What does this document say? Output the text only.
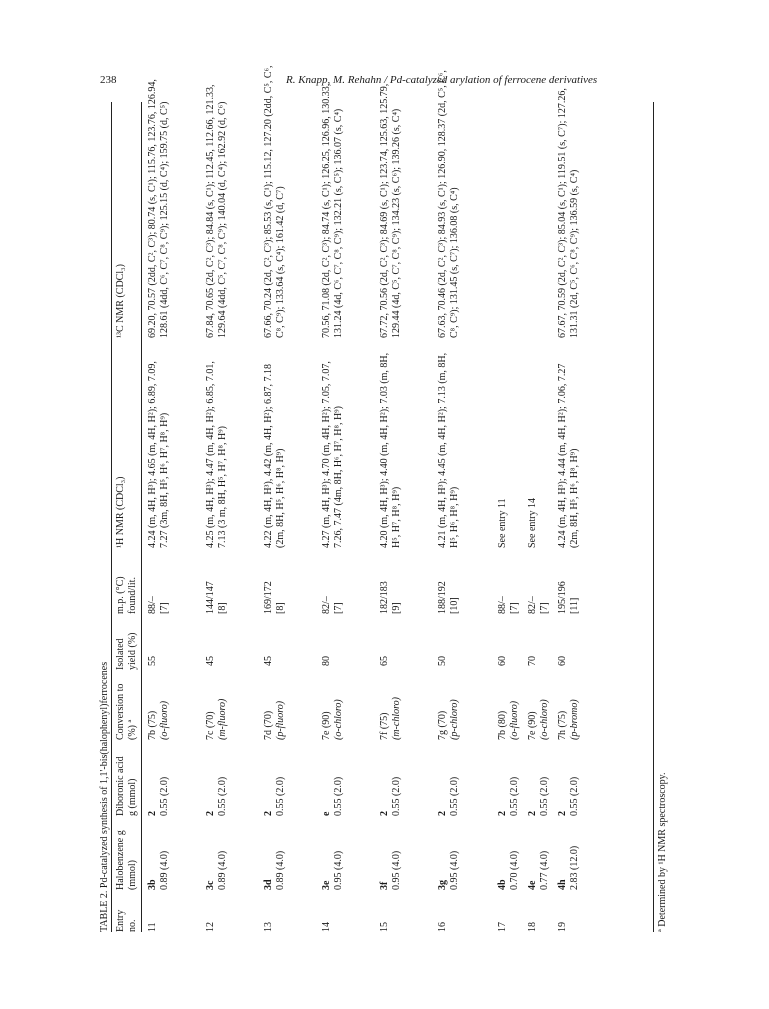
238	R. Knapp, M. Rehahn / Pd-catalyzed arylation of ferrocene derivatives
TABLE 2. Pd-catalyzed synthesis of 1,1'-bis(halophenyl)ferrocenes Entry no.
Halobenzene g (mmol)
Diboronic acid g (mmol)
Conversion to (%) ª
Isolated yield (%)
m.p. (°C) found/lit.
¹H NMR (CDCl₃)
¹³C NMR (CDCl₃)
11
3b
0.89 (4.0)
2
0.55 (2.0)
7b (75)
(o-fluoro)
55
88/–
[7]
4.24 (m, 4H, H³); 4.65 (m, 4H, H²); 6.89, 7.09, 7.27 (3m, 8H, H⁵, H⁶, H⁷, H⁸, H⁹)
69.20, 70.57 (2dd, C², C³); 80.74 (s, C¹); 115.76, 123.76, 126.94, 128.61 (4dd, C⁶, C⁷, C⁸, C⁹); 125.15 (d, C⁴); 159.75 (d, C⁵)
12
3c
0.89 (4.0)
2
0.55 (2.0)
7c (70)
(m-fluoro)
45
144/147
[8]
4.25 (m, 4H, H³); 4.47 (m, 4H, H²); 6.85, 7.01, 7.13 (3 m, 8H, H⁵, H⁷, H⁸, H⁹)
67.84, 70.65 (2d, C², C³); 84.84 (s, C¹); 112.45, 112.66, 121.33, 129.64 (4dd, C⁵, C⁷, C⁸, C⁹); 140.04 (d, C⁴); 162.92 (d, C⁶)
13
3d
0.89 (4.0)
2
0.55 (2.0)
7d (70)
(p-fluoro)
45
169/172
[8]
4.22 (m, 4H, H³), 4.42 (m, 4H, H²); 6.87, 7.18 (2m, 8H, H⁵, H⁶, H⁸, H⁹)
67.66, 70.24 (2d, C², C³); 85.53 (s, C¹); 115.12, 127.20 (2dd, C⁵, C⁶, C⁸, C⁹); 133.64 (s, C⁴); 161.42 (d, C⁷)
14
3e
0.95 (4.0)
e
0.55 (2.0)
7e (90)
(o-chloro)
80
82/–
[7]
4.27 (m, 4H, H³); 4.70 (m, 4H, H²); 7.05, 7.07, 7.26, 7.47 (4m, 8H, H⁶, H⁷, H⁸, H⁹)
70.56, 71.08 (2d, C², C³); 84.74 (s, C¹); 126.25, 126.96, 130.33, 131.24 (4d, C⁶, C⁷, C⁸, C⁹); 132.21 (s, C⁵); 136.07 (s, C⁴)
15
3f
0.95 (4.0)
2
0.55 (2.0)
7f (75)
(m-chloro)
65
182/183
[9]
4.20 (m, 4H, H³); 4.40 (m, 4H, H²); 7.03 (m, 8H, H⁵, H⁷, H⁸, H⁹)
67.72, 70.56 (2d, C², C³); 84.69 (s, C¹); 123.74, 125.63, 125.79, 129.44 (4d, C⁵, C⁷, C⁸, C⁹); 134.23 (s, C⁶); 139.26 (s, C⁴)
16
3g
0.95 (4.0)
2
0.55 (2.0)
7g (70)
(p-chloro)
50
188/192
[10]
4.21 (m, 4H, H³); 4.45 (m, 4H, H²); 7.13 (m, 8H, H⁵, H⁶, H⁸, H⁹)
67.63, 70.46 (2d, C², C³); 84.93 (s, C¹); 126.90, 128.37 (2d, C⁵, C⁶, C⁸, C⁹); 131.45 (s, C⁷); 136.08 (s, C⁴)
17
4b
0.70 (4.0)
2
0.55 (2.0)
7b (80)
(o-fluoro)
60
88/–
[7]
See entry 11
18
4e
0.77 (4.0)
2
0.55 (2.0)
7e (90)
(o-chloro)
70
82/–
[7]
See entry 14
19
4h
2.83 (12.0)
2
0.55 (2.0)
7h (75)
(p-bromo)
60
195/196
[11]
4.24 (m, 4H, H³); 4.44 (m, 4H, H²); 7.06, 7.27 (2m, 8H, H⁵, H⁶, H⁸, H⁹)
67.67, 70.59 (2d, C², C³); 85.04 (s, C¹); 119.51 (s, C⁷); 127.26, 131.31 (2d, C⁵, C⁶, C⁸, C⁹); 136.59 (s, C⁴)
ª Determined by ¹H NMR spectroscopy.
